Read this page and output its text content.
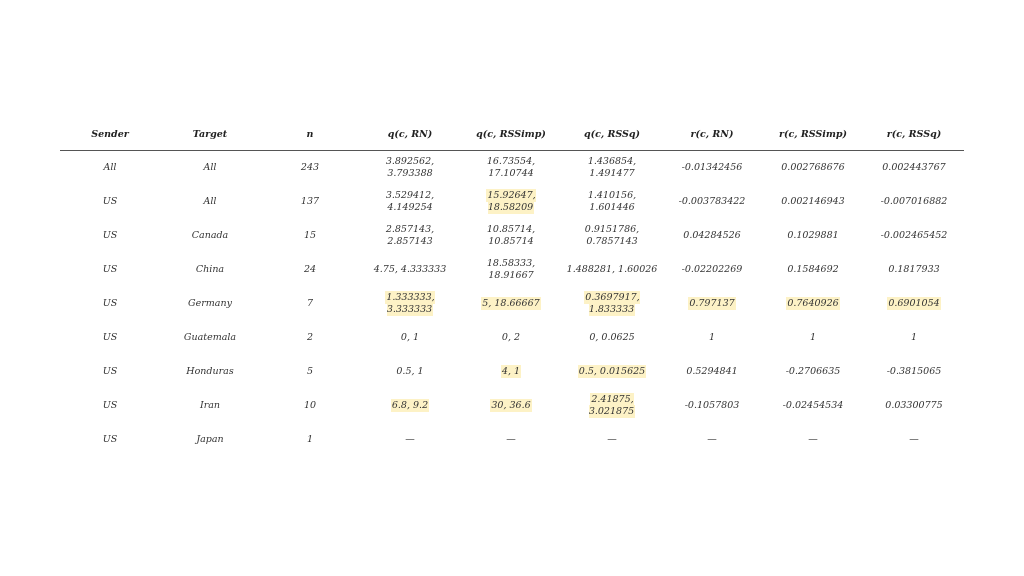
Sender	Target	n	q(c, RN)	q(c, RSSimp)	q(c, RSSq)	r(c, RN)	r(c, RSSimp)	r(c, RSSq)
All	All	243	3.892562, 3.793388	16.73554, 17.10744	1.436854, 1.491477	-0.01342456	0.002768676	0.002443767
US	All	137	3.529412, 4.149254	15.92647, 18.58209	1.410156, 1.601446	-0.003783422	0.002146943	-0.007016882
US	Canada	15	2.857143, 2.857143	10.85714, 10.85714	0.9151786, 0.7857143	0.04284526	0.1029881	-0.002465452
US	China	24	4.75, 4.333333	18.58333, 18.91667	1.488281, 1.60026	-0.02202269	0.1584692	0.1817933
US	Germany	7	1.333333, 3.333333	5, 18.66667	0.3697917, 1.833333	0.797137	0.7640926	0.6901054
US	Guatemala	2	0, 1	0, 2	0, 0.0625	1	1	1
US	Honduras	5	0.5, 1	4, 1	0.5, 0.015625	0.5294841	-0.2706635	-0.3815065
US	Iran	10	6.8, 9.2	30, 36.6	2.41875, 3.021875	-0.1057803	-0.02454534	0.03300775
US	Japan	1	—	—	—	—	—	—
